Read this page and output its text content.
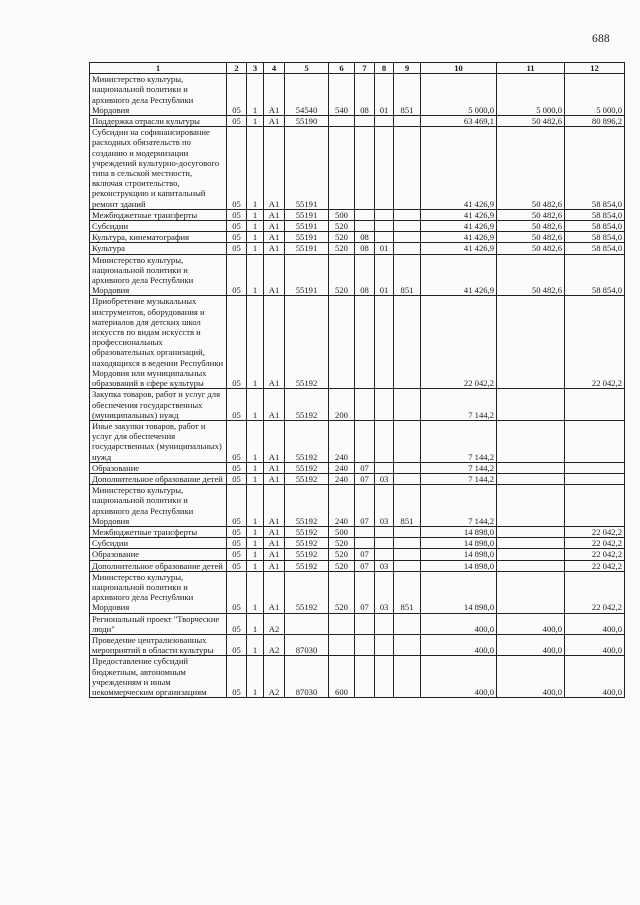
688
1	2	3	4	5	6	7	8	9	10	11	12
Министерство культуры, национальной политики и архивного дела Республики Мордовия	05	1	А1	54540	540	08	01	851	5 000,0	5 000,0	5 000,0
Поддержка отрасли культуры	05	1	А1	55190					63 469,1	50 482,6	80 896,2
Субсидии на софинансирование расходных обязательств по созданию и модернизации учреждений культурно-досугового типа в сельской местности, включая строительство, реконструкцию и капитальный ремонт зданий	05	1	А1	55191					41 426,9	50 482,6	58 854,0
Межбюджетные трансферты	05	1	А1	55191	500				41 426,9	50 482,6	58 854,0
Субсидии	05	1	А1	55191	520				41 426,9	50 482,6	58 854,0
Культура, кинематография	05	1	А1	55191	520	08			41 426,9	50 482,6	58 854,0
Культура	05	1	А1	55191	520	08	01		41 426,9	50 482,6	58 854,0
Министерство культуры, национальной политики и архивного дела Республики Мордовия	05	1	А1	55191	520	08	01	851	41 426,9	50 482,6	58 854,0
Приобретение музыкальных инструментов, оборудования и материалов для детских школ искусств по видам искусств и профессиональных образовательных организаций, находящихся в ведении Республики Мордовия или муниципальных образований в сфере культуры	05	1	А1	55192					22 042,2		22 042,2
Закупка товаров, работ и услуг для обеспечения государственных (муниципальных) нужд	05	1	А1	55192	200				7 144,2		
Иные закупки товаров, работ и услуг для обеспечения государственных (муниципальных) нужд	05	1	А1	55192	240				7 144,2		
Образование	05	1	А1	55192	240	07			7 144,2		
Дополнительное образование детей	05	1	А1	55192	240	07	03		7 144,2		
Министерство культуры, национальной политики и архивного дела Республики Мордовия	05	1	А1	55192	240	07	03	851	7 144,2		
Межбюджетные трансферты	05	1	А1	55192	500				14 898,0		22 042,2
Субсидии	05	1	А1	55192	520				14 898,0		22 042,2
Образование	05	1	А1	55192	520	07			14 898,0		22 042,2
Дополнительное образование детей	05	1	А1	55192	520	07	03		14 898,0		22 042,2
Министерство культуры, национальной политики и архивного дела Республики Мордовия	05	1	А1	55192	520	07	03	851	14 898,0		22 042,2
Региональный проект "Творческие люди"	05	1	А2						400,0	400,0	400,0
Проведение централизованных мероприятий в области культуры	05	1	А2	87030					400,0	400,0	400,0
Предоставление субсидий бюджетным, автономным учреждениям и иным некоммерческим организациям	05	1	А2	87030	600				400,0	400,0	400,0
